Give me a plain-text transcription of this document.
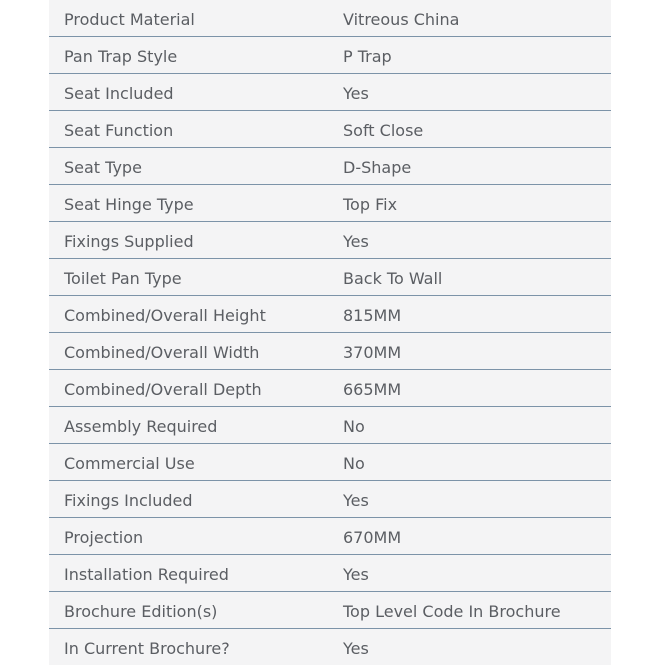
Product Material	Vitreous China
Pan Trap Style	P Trap
Seat Included	Yes
Seat Function	Soft Close
Seat Type	D-Shape
Seat Hinge Type	Top Fix
Fixings Supplied	Yes
Toilet Pan Type	Back To Wall
Combined/Overall Height	815MM
Combined/Overall Width	370MM
Combined/Overall Depth	665MM
Assembly Required	No
Commercial Use	No
Fixings Included	Yes
Projection	670MM
Installation Required	Yes
Brochure Edition(s)	Top Level Code In Brochure
In Current Brochure?	Yes
